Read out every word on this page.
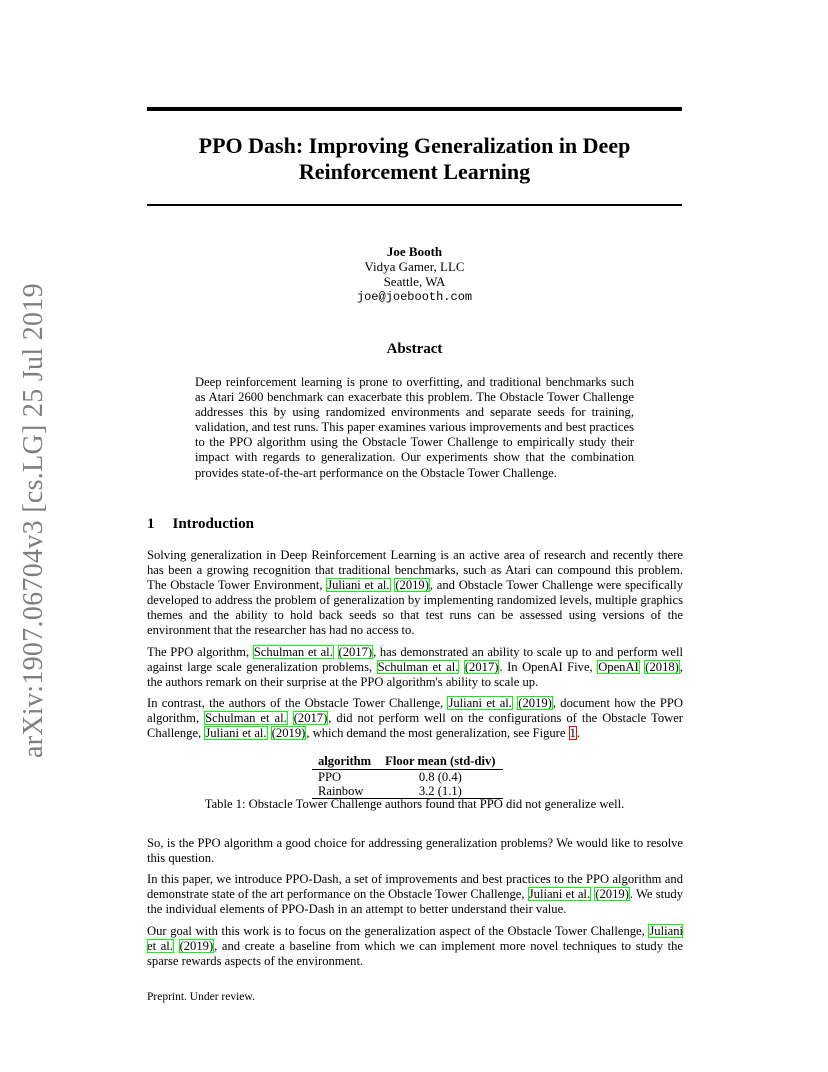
arXiv:1907.06704v3 [cs.LG] 25 Jul 2019
PPO Dash: Improving Generalization in Deep
Reinforcement Learning
Joe Booth
Vidya Gamer, LLC
Seattle, WA
joe@joebooth.com
Abstract
Deep reinforcement learning is prone to overfitting, and traditional benchmarks such as Atari 2600 benchmark can exacerbate this problem. The Obstacle Tower Challenge addresses this by using randomized environments and separate seeds for training, validation, and test runs. This paper examines various improvements and best practices to the PPO algorithm using the Obstacle Tower Challenge to empirically study their impact with regards to generalization. Our experiments show that the combination provides state-of-the-art performance on the Obstacle Tower Challenge.
1 Introduction
Solving generalization in Deep Reinforcement Learning is an active area of research and recently there has been a growing recognition that traditional benchmarks, such as Atari can compound this problem. The Obstacle Tower Environment, Juliani et al. (2019), and Obstacle Tower Challenge were specifically developed to address the problem of generalization by implementing randomized levels, multiple graphics themes and the ability to hold back seeds so that test runs can be assessed using versions of the environment that the researcher has had no access to.
The PPO algorithm, Schulman et al. (2017), has demonstrated an ability to scale up to and perform well against large scale generalization problems, Schulman et al. (2017). In OpenAI Five, OpenAI (2018), the authors remark on their surprise at the PPO algorithm's ability to scale up.
In contrast, the authors of the Obstacle Tower Challenge, Juliani et al. (2019), document how the PPO algorithm, Schulman et al. (2017), did not perform well on the configurations of the Obstacle Tower Challenge, Juliani et al. (2019), which demand the most generalization, see Figure 1.
algorithm	Floor mean (std-div)
PPO	0.8 (0.4)
Rainbow	3.2 (1.1)
Table 1: Obstacle Tower Challenge authors found that PPO did not generalize well.
So, is the PPO algorithm a good choice for addressing generalization problems? We would like to resolve this question.
In this paper, we introduce PPO-Dash, a set of improvements and best practices to the PPO algorithm and demonstrate state of the art performance on the Obstacle Tower Challenge, Juliani et al. (2019). We study the individual elements of PPO-Dash in an attempt to better understand their value.
Our goal with this work is to focus on the generalization aspect of the Obstacle Tower Challenge, Juliani et al. (2019), and create a baseline from which we can implement more novel techniques to study the sparse rewards aspects of the environment.
Preprint. Under review.
